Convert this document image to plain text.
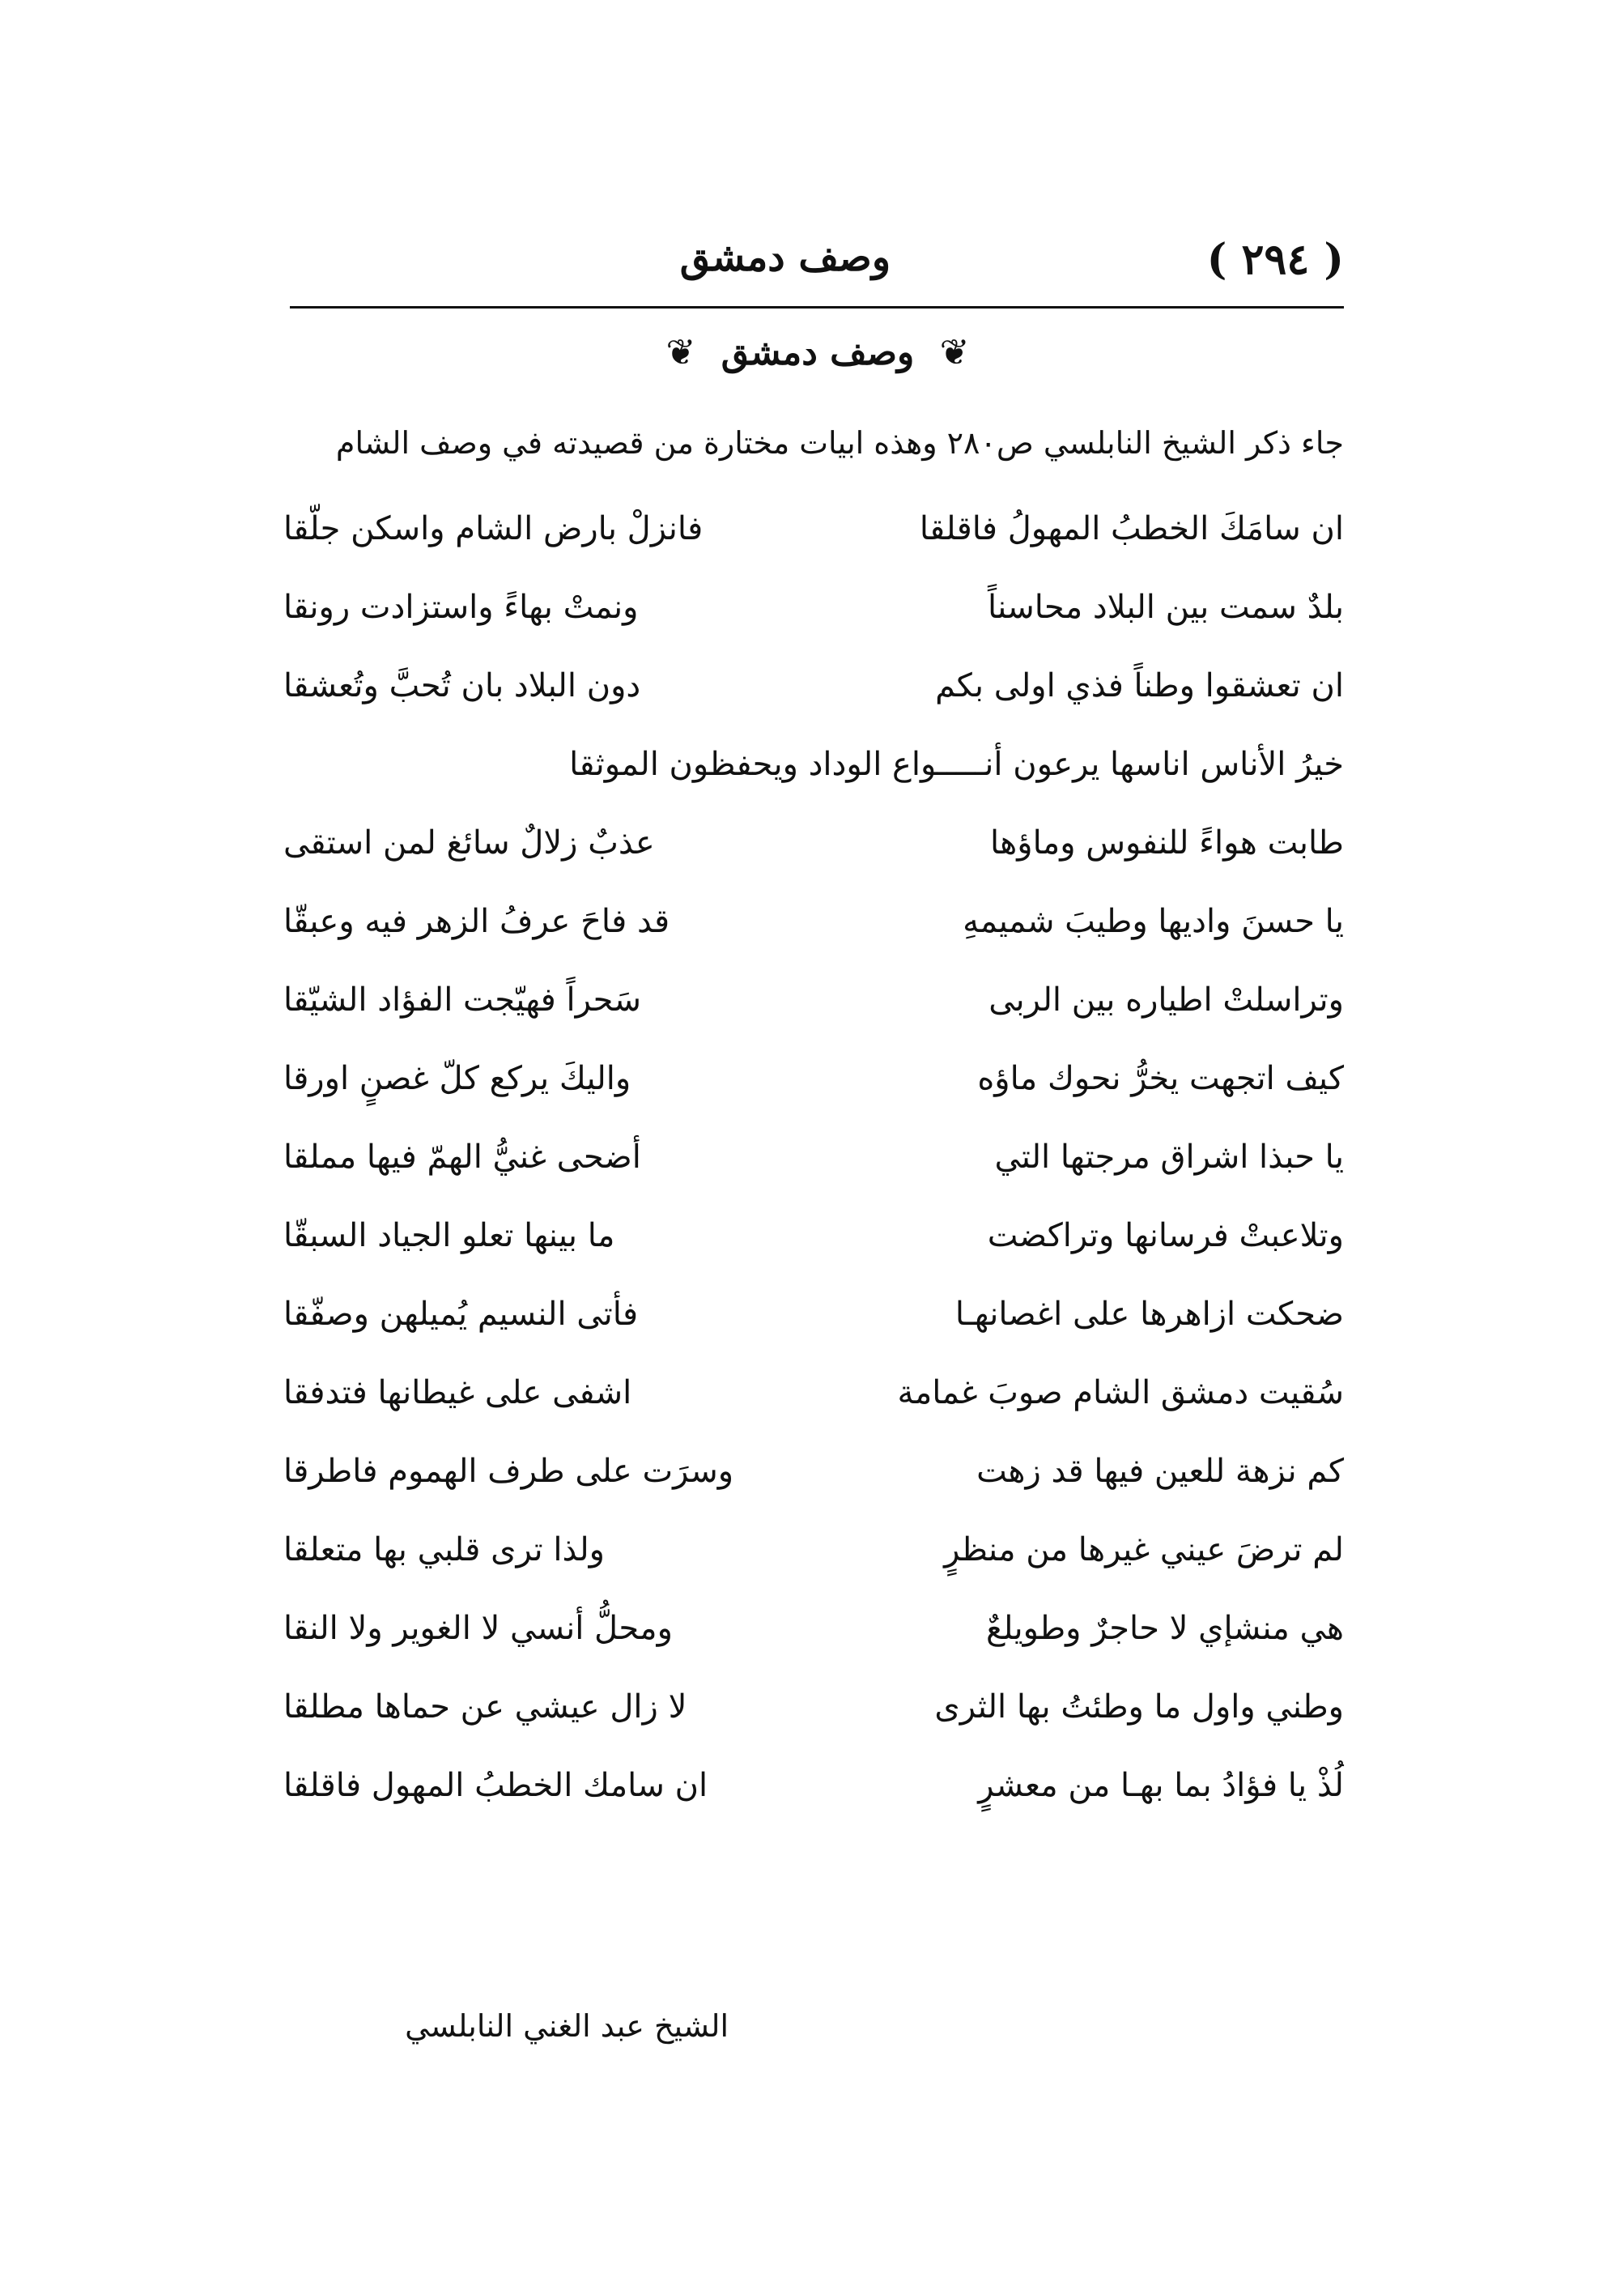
( ٢٩٤ )
وصف دمشق
❦ وصف دمشق ❦
جاء ذكر الشيخ النابلسي ص٢٨٠ وهذه ابيات مختارة من قصيدته في وصف الشام
ان سامَكَ الخطبُ المهولُ فاقلقا
فانزلْ بارض الشام واسكن جلّقا
بلدٌ سمت بين البلاد محاسناً
ونمتْ بهاءً واستزادت رونقا
ان تعشقوا وطناً فذي اولى بكم
دون البلاد بان تُحبَّ وتُعشقا
خيرُ الأناس اناسها يرعون أنـــــواع الوداد ويحفظون الموثقا
طابت هواءً للنفوس وماؤها
عذبٌ زلالٌ سائغ لمن استقى
يا حسنَ واديها وطيبَ شميمهِ
قد فاحَ عرفُ الزهر فيه وعبقّا
وتراسلتْ اطياره بين الربى
سَحراً فهيّجت الفؤاد الشيّقا
كيف اتجهت يخرُّ نحوك ماؤه
واليكَ يركع كلّ غصنٍ اورقا
يا حبذا اشراق مرجتها التي
أضحى غنيُّ الهمّ فيها مملقا
وتلاعبتْ فرسانها وتراكضت
ما بينها تعلو الجياد السبقّا
ضحكت ازاهرها على اغصانهـا
فأتى النسيم يُميلهن وصفّقا
سُقيت دمشق الشام صوبَ غمامة
اشفى على غيطانها فتدفقا
كم نزهة للعين فيها قد زهت
وسرَت على طرف الهموم فاطرقا
لم ترضَ عيني غيرها من منظرٍ
ولذا ترى قلبي بها متعلقا
هي منشإي لا حاجرٌ وطويلعٌ
ومحلُّ أنسي لا الغوير ولا النقا
وطني واول ما وطئتُ بها الثرى
لا زال عيشي عن حماها مطلقا
لُذْ يا فؤادُ بما بهـا من معشرٍ
ان سامك الخطبُ المهول فاقلقا
الشيخ عبد الغني النابلسي
